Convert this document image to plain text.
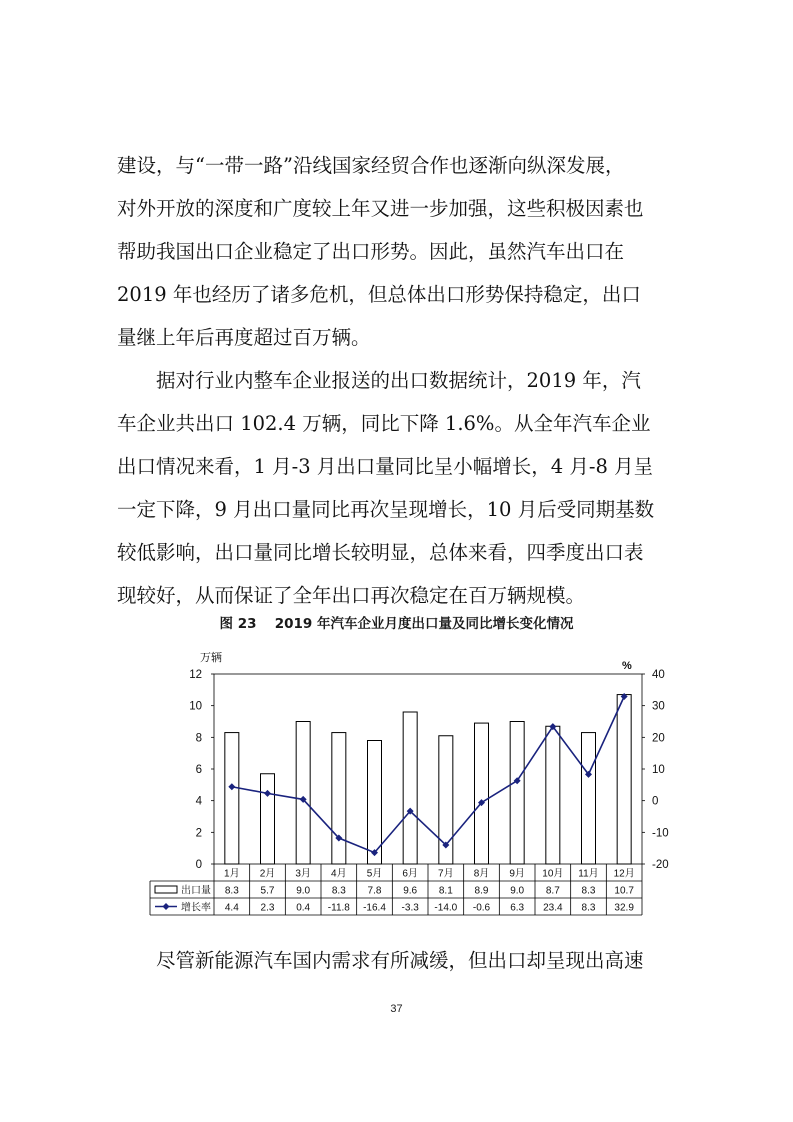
建设，与“一带一路”沿线国家经贸合作也逐渐向纵深发展，
对外开放的深度和广度较上年又进一步加强，这些积极因素也
帮助我国出口企业稳定了出口形势。因此，虽然汽车出口在
2019 年也经历了诸多危机，但总体出口形势保持稳定，出口
量继上年后再度超过百万辆。
据对行业内整车企业报送的出口数据统计，2019 年，汽
车企业共出口 102.4 万辆，同比下降 1.6%。从全年汽车企业
出口情况来看，1 月-3 月出口量同比呈小幅增长，4 月-8 月呈
一定下降，9 月出口量同比再次呈现增长，10 月后受同期基数
较低影响，出口量同比增长较明显，总体来看，四季度出口表
现较好，从而保证了全年出口再次稳定在百万辆规模。
图 23　 2019 年汽车企业月度出口量及同比增长变化情况
万辆
%
0
2
4
6
8
10
12
-20
-10
0
10
20
30
40
1月 2月 3月 4月 5月 6月 7月 8月 9月 10月 11月 12月
出口量
增长率
8.3 5.7 9.0 8.3 7.8 9.6 8.1 8.9 9.0 8.7 8.3 10.7
4.4 2.3 0.4 -11.8 -16.4 -3.3 -14.0 -0.6 6.3 23.4 8.3 32.9
尽管新能源汽车国内需求有所减缓，但出口却呈现出高速
37
